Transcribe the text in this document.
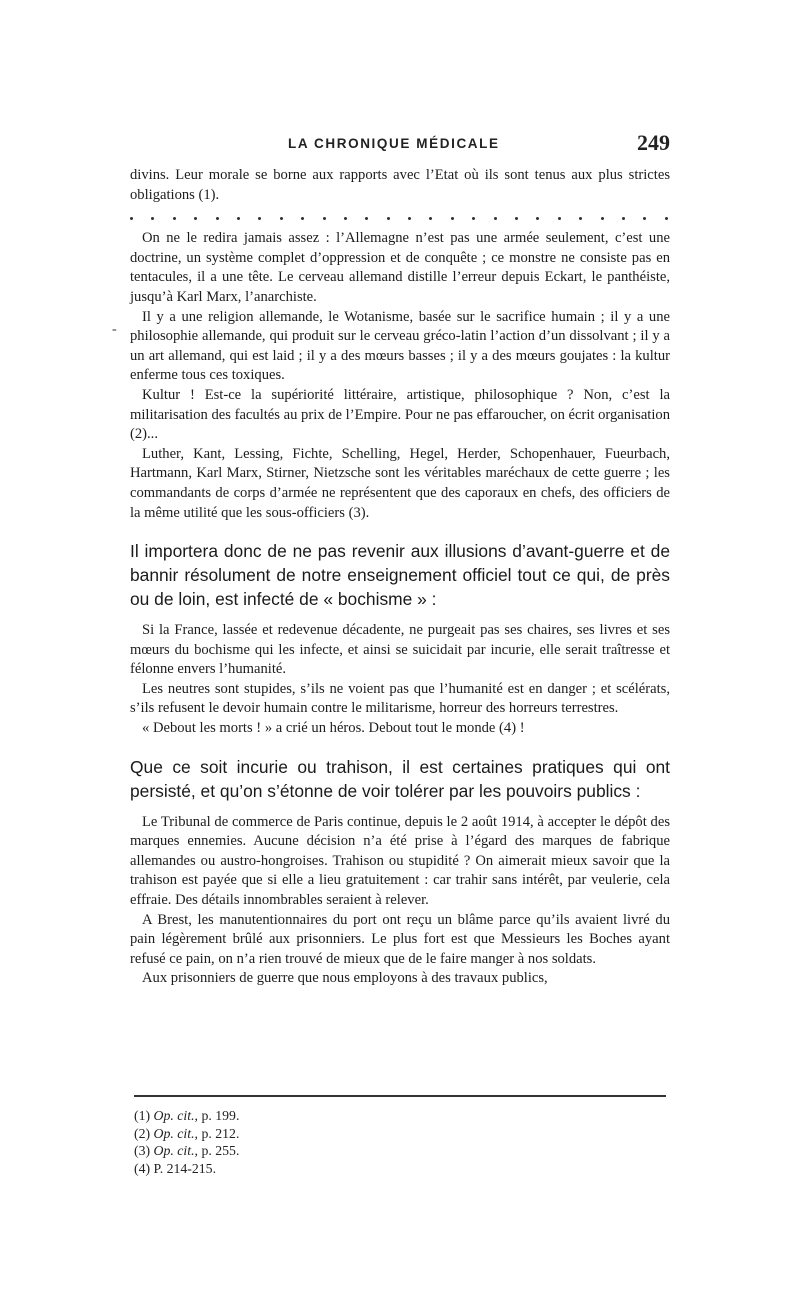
LA CHRONIQUE MÉDICALE	249

divins. Leur morale se borne aux rapports avec l’Etat où ils sont tenus aux plus strictes obligations (1).

On ne le redira jamais assez : l’Allemagne n’est pas une armée seulement, c’est une doctrine, un système complet d’oppression et de conquête ; ce monstre ne consiste pas en tentacules, il a une tête. Le cerveau allemand distille l’erreur depuis Eckart, le panthéiste, jusqu’à Karl Marx, l’anarchiste.

Il y a une religion allemande, le Wotanisme, basée sur le sacrifice humain ; il y a une philosophie allemande, qui produit sur le cerveau gréco-latin l’action d’un dissolvant ; il y a un art allemand, qui est laid ; il y a des mœurs basses ; il y a des mœurs goujates : la kultur enferme tous ces toxiques.

Kultur ! Est-ce la supériorité littéraire, artistique, philosophique ? Non, c’est la militarisation des facultés au prix de l’Empire. Pour ne pas effaroucher, on écrit organisation (2)...

Luther, Kant, Lessing, Fichte, Schelling, Hegel, Herder, Schopenhauer, Fueurbach, Hartmann, Karl Marx, Stirner, Nietzsche sont les véritables maréchaux de cette guerre ; les commandants de corps d’armée ne représentent que des caporaux en chefs, des officiers de la même utilité que les sous-officiers (3).

Il importera donc de ne pas revenir aux illusions d’avant-guerre et de bannir résolument de notre enseignement officiel tout ce qui, de près ou de loin, est infecté de « bochisme » :

Si la France, lassée et redevenue décadente, ne purgeait pas ses chaires, ses livres et ses mœurs du bochisme qui les infecte, et ainsi se suicidait par incurie, elle serait traîtresse et félonne envers l’humanité.

Les neutres sont stupides, s’ils ne voient pas que l’humanité est en danger ; et scélérats, s’ils refusent le devoir humain contre le militarisme, horreur des horreurs terrestres.

« Debout les morts ! » a crié un héros. Debout tout le monde (4) !

Que ce soit incurie ou trahison, il est certaines pratiques qui ont persisté, et qu’on s’étonne de voir tolérer par les pouvoirs publics :

Le Tribunal de commerce de Paris continue, depuis le 2 août 1914, à accepter le dépôt des marques ennemies. Aucune décision n’a été prise à l’égard des marques de fabrique allemandes ou austro-hongroises. Trahison ou stupidité ? On aimerait mieux savoir que la trahison est payée que si elle a lieu gratuitement : car trahir sans intérêt, par veulerie, cela effraie. Des détails innombrables seraient à relever.

A Brest, les manutentionnaires du port ont reçu un blâme parce qu’ils avaient livré du pain légèrement brûlé aux prisonniers. Le plus fort est que Messieurs les Boches ayant refusé ce pain, on n’a rien trouvé de mieux que de le faire manger à nos soldats.

Aux prisonniers de guerre que nous employons à des travaux publics,

(1) Op. cit., p. 199.

(2) Op. cit., p. 212.

(3) Op. cit., p. 255.

(4) P. 214-215.

-
